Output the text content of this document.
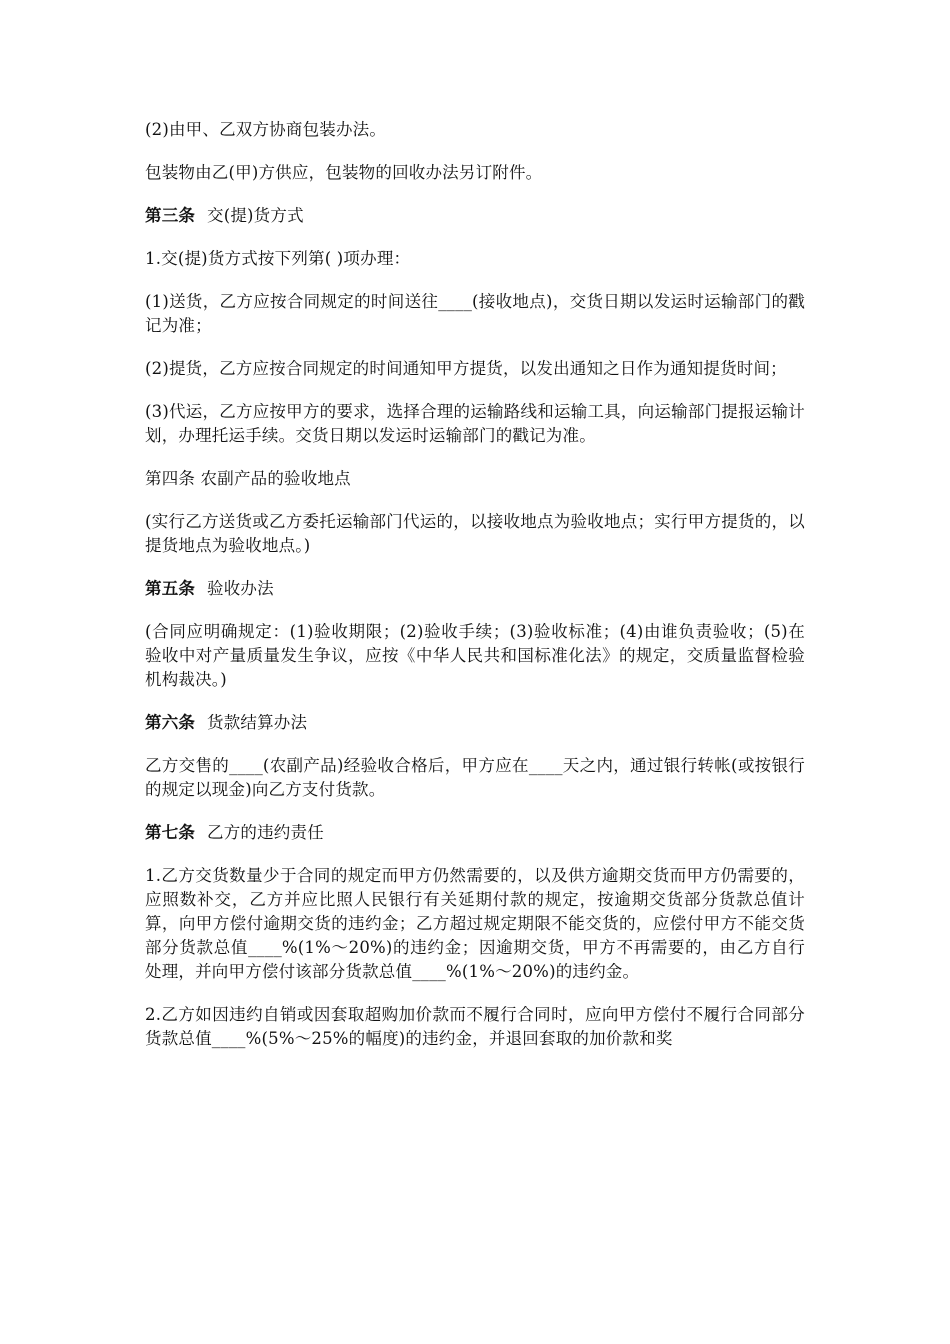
(2)由甲、乙双方协商包装办法。

包装物由乙(甲)方供应，包装物的回收办法另订附件。

第三条 交(提)货方式

1.交(提)货方式按下列第( )项办理：

(1)送货，乙方应按合同规定的时间送往____(接收地点)，交货日期以发运时运输部门的戳记为准；

(2)提货，乙方应按合同规定的时间通知甲方提货，以发出通知之日作为通知提货时间；

(3)代运，乙方应按甲方的要求，选择合理的运输路线和运输工具，向运输部门提报运输计划，办理托运手续。交货日期以发运时运输部门的戳记为准。

第四条 农副产品的验收地点

(实行乙方送货或乙方委托运输部门代运的，以接收地点为验收地点；实行甲方提货的，以提货地点为验收地点。)

第五条 验收办法

(合同应明确规定：(1)验收期限；(2)验收手续；(3)验收标准；(4)由谁负责验收；(5)在验收中对产量质量发生争议，应按《中华人民共和国标准化法》的规定，交质量监督检验机构裁决。)

第六条 货款结算办法

乙方交售的____(农副产品)经验收合格后，甲方应在____天之内，通过银行转帐(或按银行的规定以现金)向乙方支付货款。

第七条 乙方的违约责任

1.乙方交货数量少于合同的规定而甲方仍然需要的，以及供方逾期交货而甲方仍需要的，应照数补交，乙方并应比照人民银行有关延期付款的规定，按逾期交货部分货款总值计算，向甲方偿付逾期交货的违约金；乙方超过规定期限不能交货的，应偿付甲方不能交货部分货款总值____%(1%～20%)的违约金；因逾期交货，甲方不再需要的，由乙方自行处理，并向甲方偿付该部分货款总值____%(1%～20%)的违约金。

2.乙方如因违约自销或因套取超购加价款而不履行合同时，应向甲方偿付不履行合同部分货款总值____%(5%～25%的幅度)的违约金，并退回套取的加价款和奖
